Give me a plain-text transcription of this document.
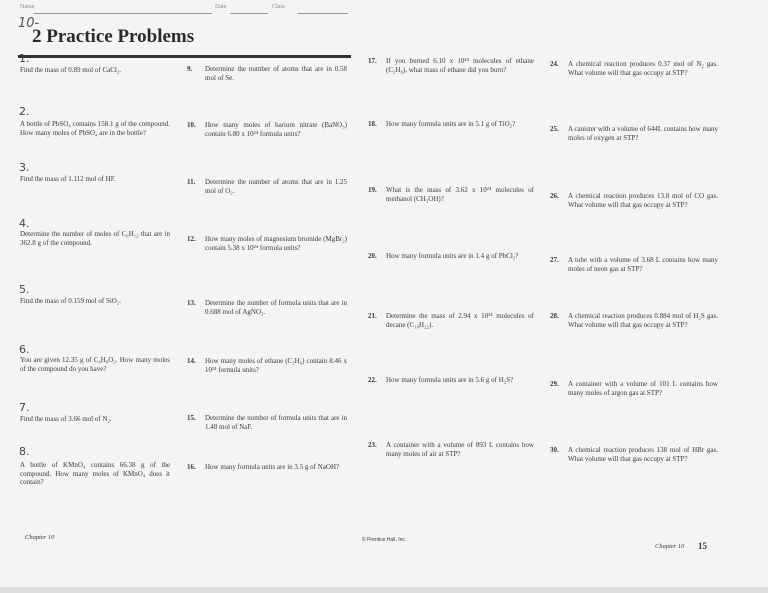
Name	Date	Class
10-
2 Practice Problems
1.
Find the mass of 0.89 mol of CaCl₂.
2.
A bottle of PbSO₄ contains 158.1 g of the compound. How many moles of PbSO₄ are in the bottle?
3.
Find the mass of 1.112 mol of HF.
4.
Determine the number of moles of C₆H₁₂ that are in 362.8 g of the compound.
5.
Find the mass of 0.159 mol of SiO₂.
6.
You are given 12.35 g of C₄H₈O₂. How many moles of the compound do you have?
7.
Find the mass of 3.66 mol of N₂.
8.
A bottle of KMnO₄ contains 66.38 g of the compound. How many moles of KMnO₄ does it contain?
9. Determine the number of atoms that are in 0.58 mol of Se.
10. How many moles of barium nitrate (BaNO₃) contain 6.80 x 10²⁴ formula units?
11. Determine the number of atoms that are in 1.25 mol of O₂.
12. How many moles of magnesium bromide (MgBr₂) contain 5.38 x 10²⁴ formula units?
13. Determine the number of formula units that are in 0.688 mol of AgNO₃.
14. How many moles of ethane (C₂H₆) contain 8.46 x 10²⁴ formula units?
15. Determine the number of formula units that are in 1.48 mol of NaF.
16. How many formula units are in 3.5 g of NaOH?
17. If you burned 6.10 x 10²⁴ molecules of ethane (C₂H₆), what mass of ethane did you burn?
18. How many formula units are in 5.1 g of TiO₂?
19. What is the mass of 3.62 x 10²⁴ molecules of methanol (CH₃OH)?
20. How many formula units are in 1.4 g of PbCl₂?
21. Determine the mass of 2.94 x 10²⁴ molecules of decane (C₁₀H₂₂).
22. How many formula units are in 5.6 g of H₂S?
23. A container with a volume of 893 L contains how many moles of air at STP?
24. A chemical reaction produces 0.37 mol of N₂ gas. What volume will that gas occupy at STP?
25. A canister with a volume of 644L contains how many moles of oxygen at STP?
26. A chemical reaction produces 13.8 mol of CO gas. What volume will that gas occupy at STP?
27. A tube with a volume of 3.68 L contains how many moles of neon gas at STP?
28. A chemical reaction produces 0.884 mol of H₂S gas. What volume will that gas occupy at STP?
29. A container with a volume of 101 L contains how many moles of argon gas at STP?
30. A chemical reaction produces 138 mol of HBr gas. What volume will that gas occupy at STP?
Chapter 10	© Prentice Hall, Inc.
Chapter 10 15
